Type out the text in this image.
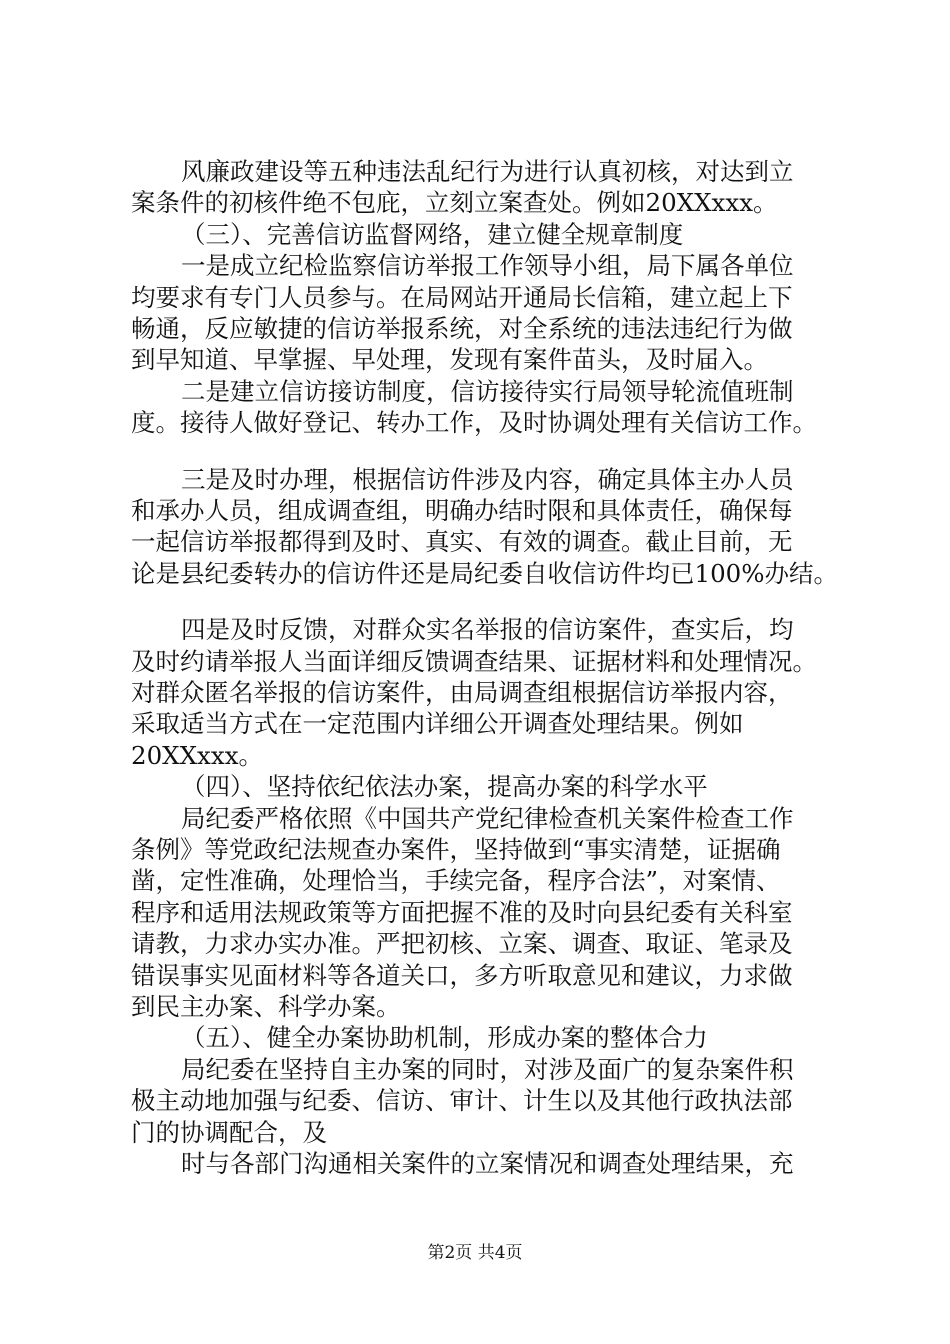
风廉政建设等五种违法乱纪行为进行认真初核，对达到立
案条件的初核件绝不包庇，立刻立案查处。例如20XXxxx。
（三）、完善信访监督网络，建立健全规章制度
一是成立纪检监察信访举报工作领导小组，局下属各单位
均要求有专门人员参与。在局网站开通局长信箱，建立起上下
畅通，反应敏捷的信访举报系统，对全系统的违法违纪行为做
到早知道、早掌握、早处理，发现有案件苗头，及时届入。
二是建立信访接访制度，信访接待实行局领导轮流值班制
度。接待人做好登记、转办工作，及时协调处理有关信访工作。
三是及时办理，根据信访件涉及内容，确定具体主办人员
和承办人员，组成调查组，明确办结时限和具体责任，确保每
一起信访举报都得到及时、真实、有效的调查。截止目前，无
论是县纪委转办的信访件还是局纪委自收信访件均已100%办结。
四是及时反馈，对群众实名举报的信访案件，查实后，均
及时约请举报人当面详细反馈调查结果、证据材料和处理情况。
对群众匿名举报的信访案件，由局调查组根据信访举报内容，
采取适当方式在一定范围内详细公开调查处理结果。例如
20XXxxx。
（四）、坚持依纪依法办案，提高办案的科学水平
局纪委严格依照《中国共产党纪律检查机关案件检查工作
条例》等党政纪法规查办案件，坚持做到“事实清楚，证据确
凿，定性准确，处理恰当，手续完备，程序合法”，对案情、
程序和适用法规政策等方面把握不准的及时向县纪委有关科室
请教，力求办实办准。严把初核、立案、调查、取证、笔录及
错误事实见面材料等各道关口，多方听取意见和建议，力求做
到民主办案、科学办案。
（五）、健全办案协助机制，形成办案的整体合力
局纪委在坚持自主办案的同时，对涉及面广的复杂案件积
极主动地加强与纪委、信访、审计、计生以及其他行政执法部
门的协调配合，及
时与各部门沟通相关案件的立案情况和调查处理结果，充
第2页 共4页
